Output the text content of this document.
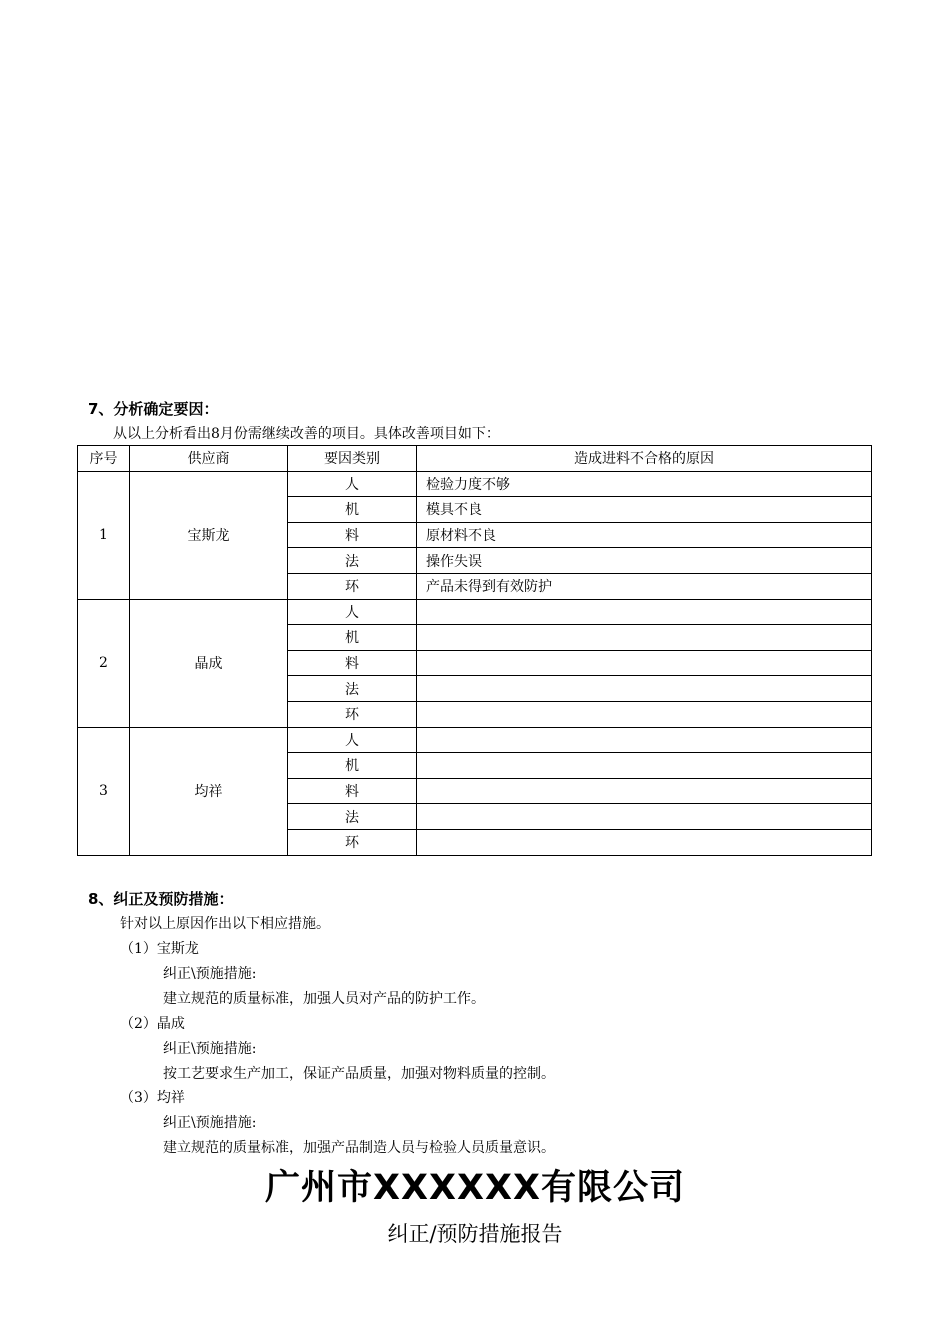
7、分析确定要因：
从以上分析看出8月份需继续改善的项目。具体改善项目如下：
序号	供应商	要因类别	造成进料不合格的原因
1	宝斯龙	人	检验力度不够
		机	模具不良
		料	原材料不良
		法	操作失误
		环	产品未得到有效防护
2	晶成	人	
		机	
		料	
		法	
		环	
3	均祥	人	
		机	
		料	
		法	
		环	
8、纠正及预防措施：
针对以上原因作出以下相应措施。
（1）宝斯龙
纠正\预施措施:
建立规范的质量标准，加强人员对产品的防护工作。
（2）晶成
纠正\预施措施:
按工艺要求生产加工，保证产品质量，加强对物料质量的控制。
（3）均祥
纠正\预施措施:
建立规范的质量标准，加强产品制造人员与检验人员质量意识。
广州市XXXXXX有限公司
纠正/预防措施报告
